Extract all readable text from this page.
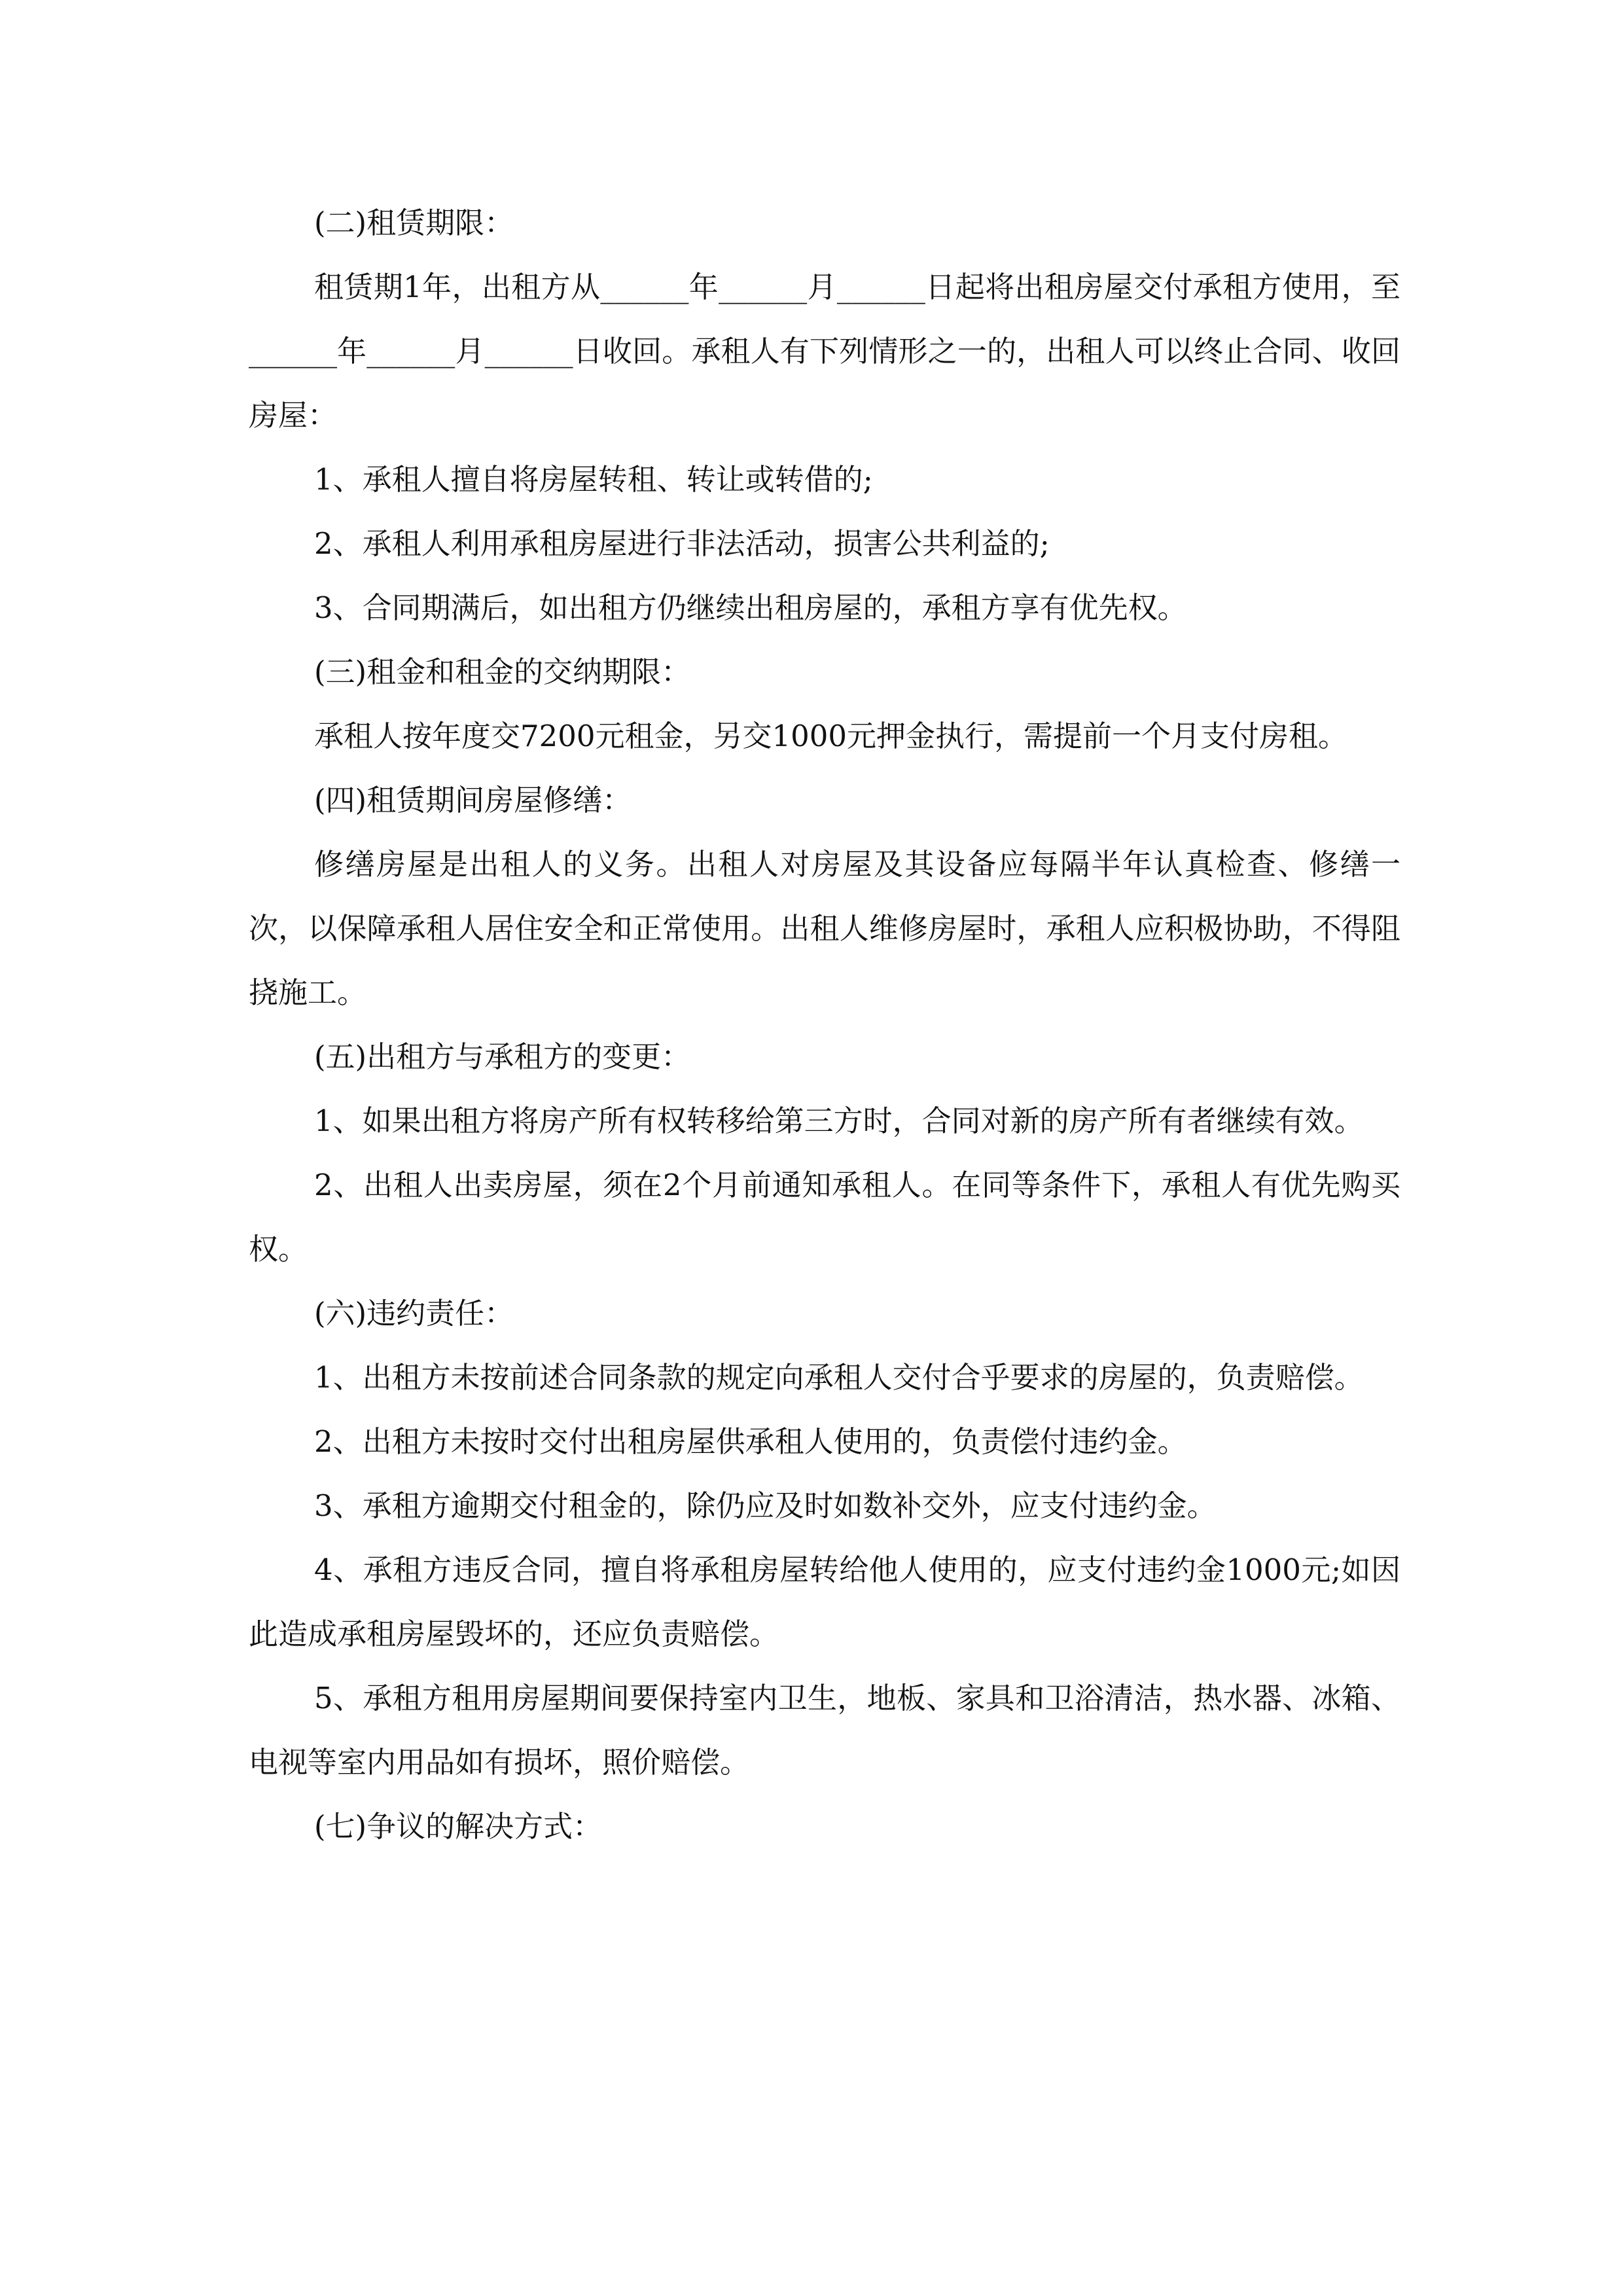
(二)租赁期限：

租赁期1年，出租方从______年______月______日起将出租房屋交付承租方使用，至______年______月______日收回。承租人有下列情形之一的，出租人可以终止合同、收回房屋：

1、承租人擅自将房屋转租、转让或转借的;

2、承租人利用承租房屋进行非法活动，损害公共利益的;

3、合同期满后，如出租方仍继续出租房屋的，承租方享有优先权。

(三)租金和租金的交纳期限：

承租人按年度交7200元租金，另交1000元押金执行，需提前一个月支付房租。

(四)租赁期间房屋修缮：

修缮房屋是出租人的义务。出租人对房屋及其设备应每隔半年认真检查、修缮一次，以保障承租人居住安全和正常使用。出租人维修房屋时，承租人应积极协助，不得阻挠施工。

(五)出租方与承租方的变更：

1、如果出租方将房产所有权转移给第三方时，合同对新的房产所有者继续有效。

2、出租人出卖房屋，须在2个月前通知承租人。在同等条件下，承租人有优先购买权。

(六)违约责任：

1、出租方未按前述合同条款的规定向承租人交付合乎要求的房屋的，负责赔偿。

2、出租方未按时交付出租房屋供承租人使用的，负责偿付违约金。

3、承租方逾期交付租金的，除仍应及时如数补交外，应支付违约金。

4、承租方违反合同，擅自将承租房屋转给他人使用的，应支付违约金1000元;如因此造成承租房屋毁坏的，还应负责赔偿。

5、承租方租用房屋期间要保持室内卫生，地板、家具和卫浴清洁，热水器、冰箱、电视等室内用品如有损坏，照价赔偿。

(七)争议的解决方式：
